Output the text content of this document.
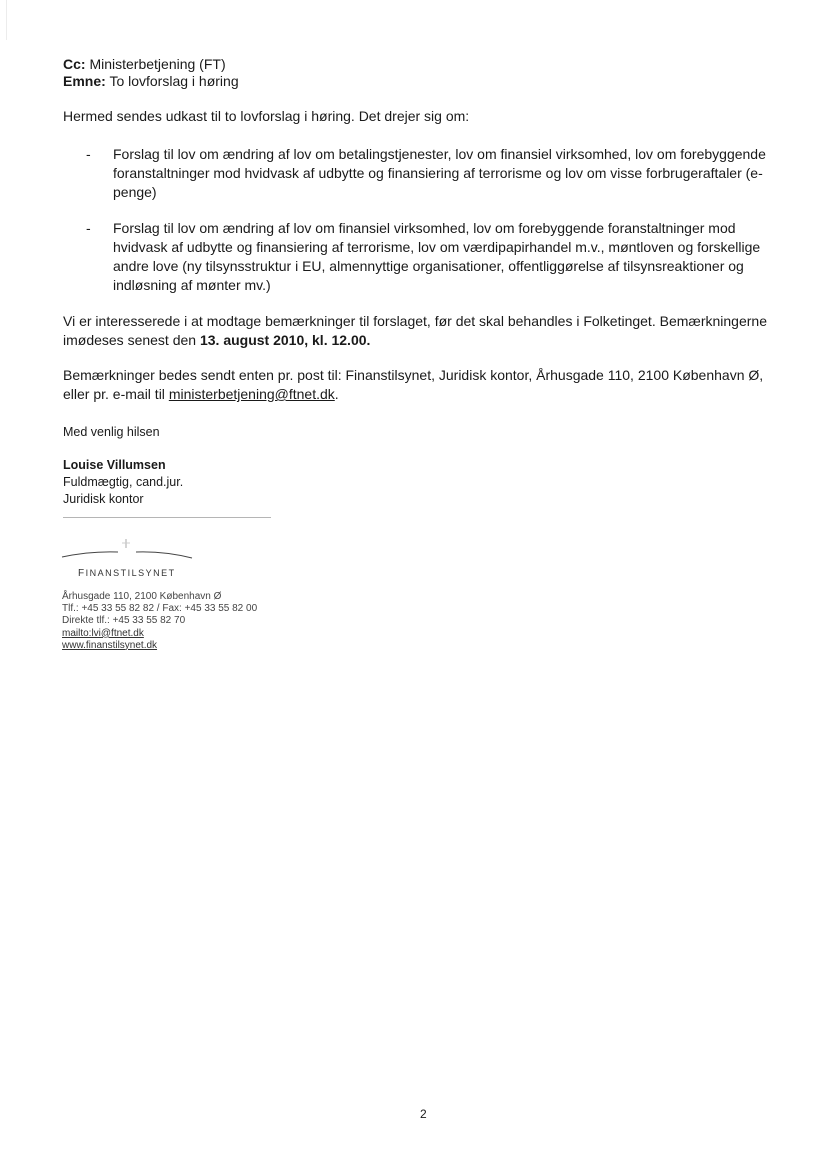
Cc: Ministerbetjening (FT)
Emne: To lovforslag i høring
Hermed sendes udkast til to lovforslag i høring. Det drejer sig om:
- Forslag til lov om ændring af lov om betalingstjenester, lov om finansiel virksomhed, lov om forebyggende foranstaltninger mod hvidvask af udbytte og finansiering af terrorisme og lov om visse forbrugeraftaler (e-penge)
- Forslag til lov om ændring af lov om finansiel virksomhed, lov om forebyggende foranstaltninger mod hvidvask af udbytte og finansiering af terrorisme, lov om værdipapirhandel m.v., møntloven og forskellige andre love (ny tilsynsstruktur i EU, almennyttige organisationer, offentliggørelse af tilsynsreaktioner og indløsning af mønter mv.)
Vi er interesserede i at modtage bemærkninger til forslaget, før det skal behandles i Folketinget. Bemærkningerne imødeses senest den 13. august 2010, kl. 12.00.
Bemærkninger bedes sendt enten pr. post til: Finanstilsynet, Juridisk kontor, Århusgade 110, 2100 København Ø, eller pr. e-mail til ministerbetjening@ftnet.dk.
Med venlig hilsen
Louise Villumsen
Fuldmægtig, cand.jur.
Juridisk kontor
FINANSTILSYNET
Århusgade 110, 2100 København Ø
Tlf.: +45 33 55 82 82 / Fax: +45 33 55 82 00
Direkte tlf.: +45 33 55 82 70
mailto:lvi@ftnet.dk
www.finanstilsynet.dk
2
